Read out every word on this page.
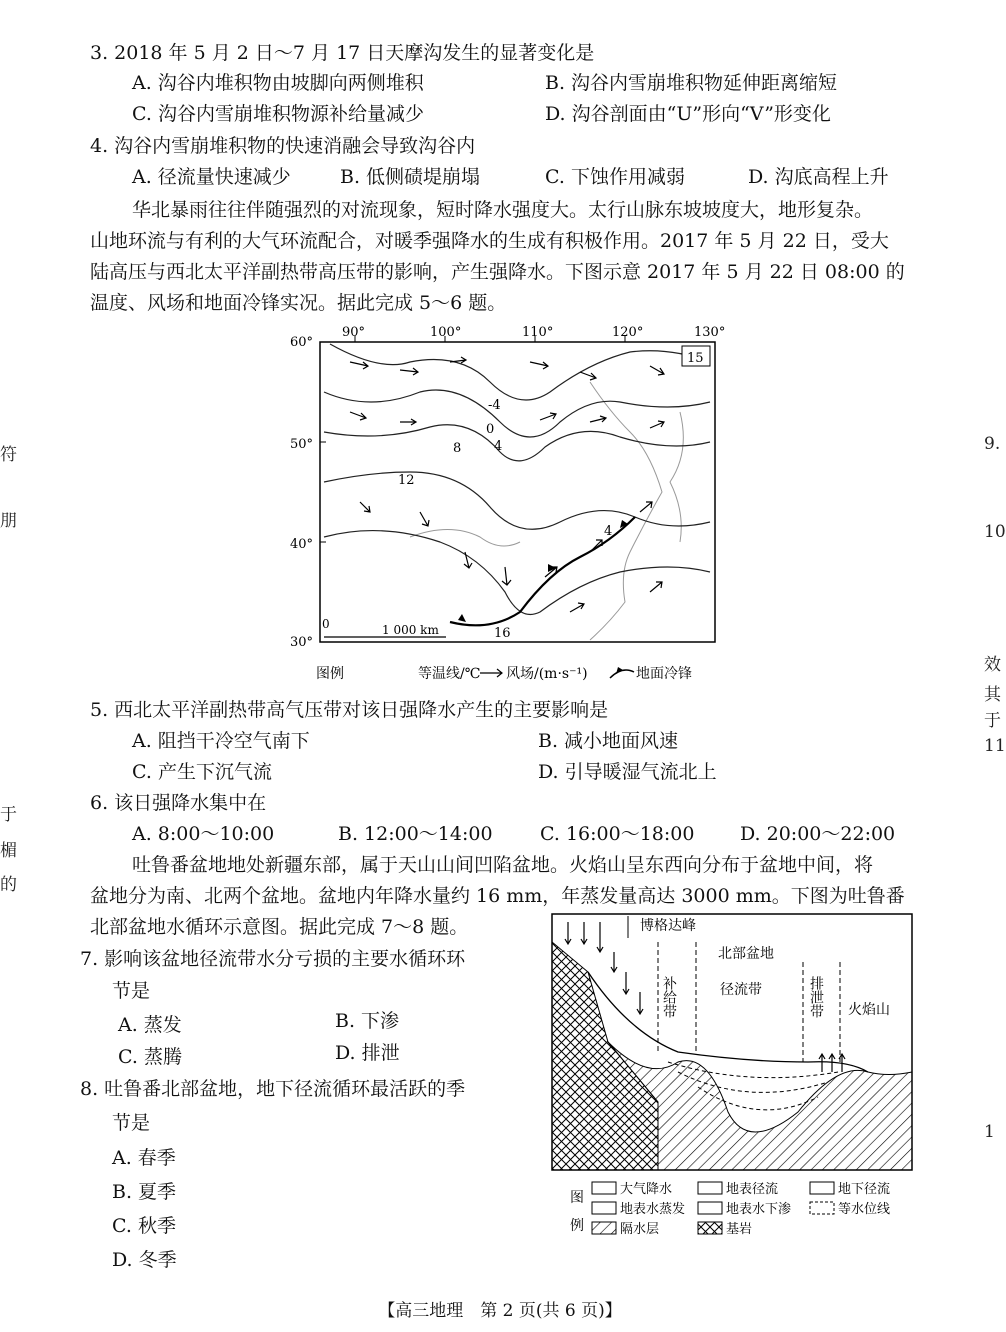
3. 2018 年 5 月 2 日～7 月 17 日天摩沟发生的显著变化是
A. 沟谷内堆积物由坡脚向两侧堆积	B. 沟谷内雪崩堆积物延伸距离缩短
C. 沟谷内雪崩堆积物源补给量减少	D. 沟谷剖面由“U”形向“V”形变化
4. 沟谷内雪崩堆积物的快速消融会导致沟谷内
A. 径流量快速减少	B. 低侧碛堤崩塌	C. 下蚀作用减弱	D. 沟底高程上升
华北暴雨往往伴随强烈的对流现象，短时降水强度大。太行山脉东坡坡度大，地形复杂。
山地环流与有利的大气环流配合，对暖季强降水的生成有积极作用。2017 年 5 月 22 日，受大
陆高压与西北太平洋副热带高压带的影响，产生强降水。下图示意 2017 年 5 月 22 日 08:00 的
温度、风场和地面冷锋实况。据此完成 5～6 题。
90°	100°	110°	120°	130°
60°
50°
40°
30°
-4
0
4
8
12
4
16
15
0	1 000 km
图例	等温线/℃ 风场/(m·s⁻¹)	地面冷锋
5. 西北太平洋副热带高气压带对该日强降水产生的主要影响是
A. 阻挡干冷空气南下	B. 减小地面风速
C. 产生下沉气流	D. 引导暖湿气流北上
6. 该日强降水集中在
A. 8:00～10:00	B. 12:00～14:00 C. 16:00～18:00 D. 20:00～22:00
吐鲁番盆地地处新疆东部，属于天山山间凹陷盆地。火焰山呈东西向分布于盆地中间，将
盆地分为南、北两个盆地。盆地内年降水量约 16 mm，年蒸发量高达 3000 mm。下图为吐鲁番
北部盆地水循环示意图。据此完成 7～8 题。
7. 影响该盆地径流带水分亏损的主要水循环环
节是
A. 蒸发	B. 下渗
C. 蒸腾	D. 排泄
8. 吐鲁番北部盆地，地下径流循环最活跃的季
节是
A. 春季
B. 夏季
C. 秋季
D. 冬季
博格达峰
北部盆地
补给带	径流带	排泄带 火焰山
图
例
大气降水	地表径流	地下径流
地表水蒸发	地表水下渗	等水位线
隔水层	基岩
符
朋
于
楣
的
9.
10
效
其
于
11
1
【高三地理　第 2 页(共 6 页)】
